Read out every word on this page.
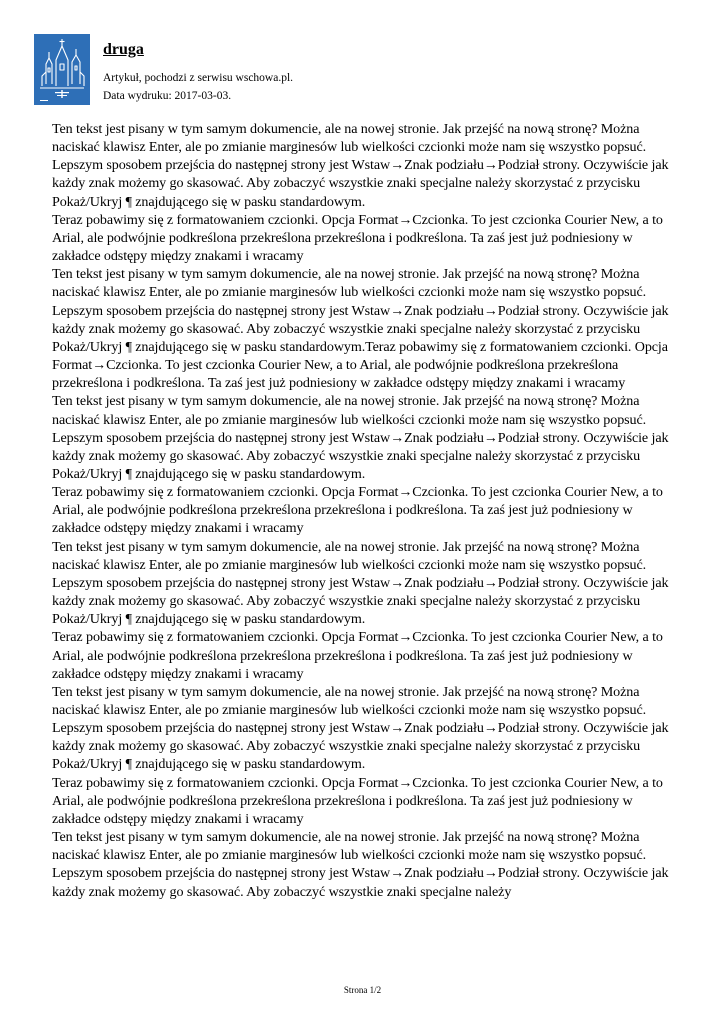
druga
Artykuł, pochodzi z serwisu wschowa.pl.
Data wydruku: 2017-03-03.

Ten tekst jest pisany w tym samym dokumencie, ale na nowej stronie. Jak przejść na nową stronę? Można naciskać klawisz Enter, ale po zmianie marginesów lub wielkości czcionki może nam się wszystko popsuć. Lepszym sposobem przejścia do następnej strony jest Wstaw→Znak podziału→Podział strony. Oczywiście jak każdy znak możemy go skasować. Aby zobaczyć wszystkie znaki specjalne należy skorzystać z przycisku Pokaż/Ukryj ¶ znajdującego się w pasku standardowym.

Teraz pobawimy się z formatowaniem czcionki. Opcja Format→Czcionka. To jest czcionka Courier New, a to Arial, ale podwójnie podkreślona przekreślona przekreślona i podkreślona. Ta zaś jest już podniesiony w zakładce odstępy między znakami i wracamy

Ten tekst jest pisany w tym samym dokumencie, ale na nowej stronie. Jak przejść na nową stronę? Można naciskać klawisz Enter, ale po zmianie marginesów lub wielkości czcionki może nam się wszystko popsuć. Lepszym sposobem przejścia do następnej strony jest Wstaw→Znak podziału→Podział strony. Oczywiście jak każdy znak możemy go skasować. Aby zobaczyć wszystkie znaki specjalne należy skorzystać z przycisku Pokaż/Ukryj ¶ znajdującego się w pasku standardowym.Teraz pobawimy się z formatowaniem czcionki. Opcja Format→Czcionka. To jest czcionka Courier New, a to Arial, ale podwójnie podkreślona przekreślona przekreślona i podkreślona. Ta zaś jest już podniesiony w zakładce odstępy między znakami i wracamy

Ten tekst jest pisany w tym samym dokumencie, ale na nowej stronie. Jak przejść na nową stronę? Można naciskać klawisz Enter, ale po zmianie marginesów lub wielkości czcionki może nam się wszystko popsuć. Lepszym sposobem przejścia do następnej strony jest Wstaw→Znak podziału→Podział strony. Oczywiście jak każdy znak możemy go skasować. Aby zobaczyć wszystkie znaki specjalne należy skorzystać z przycisku Pokaż/Ukryj ¶ znajdującego się w pasku standardowym.

Teraz pobawimy się z formatowaniem czcionki. Opcja Format→Czcionka. To jest czcionka Courier New, a to Arial, ale podwójnie podkreślona przekreślona przekreślona i podkreślona. Ta zaś jest już podniesiony w zakładce odstępy między znakami i wracamy

Ten tekst jest pisany w tym samym dokumencie, ale na nowej stronie. Jak przejść na nową stronę? Można naciskać klawisz Enter, ale po zmianie marginesów lub wielkości czcionki może nam się wszystko popsuć. Lepszym sposobem przejścia do następnej strony jest Wstaw→Znak podziału→Podział strony. Oczywiście jak każdy znak możemy go skasować. Aby zobaczyć wszystkie znaki specjalne należy skorzystać z przycisku Pokaż/Ukryj ¶ znajdującego się w pasku standardowym.

Teraz pobawimy się z formatowaniem czcionki. Opcja Format→Czcionka. To jest czcionka Courier New, a to Arial, ale podwójnie podkreślona przekreślona przekreślona i podkreślona. Ta zaś jest już podniesiony w zakładce odstępy między znakami i wracamy

Ten tekst jest pisany w tym samym dokumencie, ale na nowej stronie. Jak przejść na nową stronę? Można naciskać klawisz Enter, ale po zmianie marginesów lub wielkości czcionki może nam się wszystko popsuć. Lepszym sposobem przejścia do następnej strony jest Wstaw→Znak podziału→Podział strony. Oczywiście jak każdy znak możemy go skasować. Aby zobaczyć wszystkie znaki specjalne należy skorzystać z przycisku Pokaż/Ukryj ¶ znajdującego się w pasku standardowym.

Teraz pobawimy się z formatowaniem czcionki. Opcja Format→Czcionka. To jest czcionka Courier New, a to Arial, ale podwójnie podkreślona przekreślona przekreślona i podkreślona. Ta zaś jest już podniesiony w zakładce odstępy między znakami i wracamy

Ten tekst jest pisany w tym samym dokumencie, ale na nowej stronie. Jak przejść na nową stronę? Można naciskać klawisz Enter, ale po zmianie marginesów lub wielkości czcionki może nam się wszystko popsuć. Lepszym sposobem przejścia do następnej strony jest Wstaw→Znak podziału→Podział strony. Oczywiście jak każdy znak możemy go skasować. Aby zobaczyć wszystkie znaki specjalne należy

Strona 1/2
